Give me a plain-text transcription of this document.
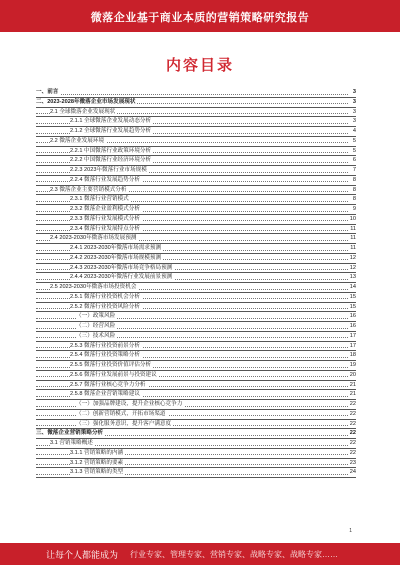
微落企业基于商业本质的营销策略研究报告
内容目录
一、前言	3
二、2023-2028年微落企业市场发展现状	3
2.1 全球微落企业发展现状	3
2.1.1 全球微落企业发展动态分析	3
2.1.2 全球微落行业发展趋势分析	4
2.2 微落企业发展环境	5
2.2.1 中国微落行业政策环境分析	5
2.2.2 中国微落行业经济环境分析	6
2.2.3 2023年微落行业市场规模	7
2.2.4 微落行业发展趋势分析	8
2.3 微落企业主要营销模式分析	8
2.3.1 微落行业营销模式	8
2.3.2 微落企业盈利模式分析	9
2.3.3 微落行业发展模式分析	10
2.3.4 微落行业发展特点分析	11
2.4 2023-2030年微落市场发展预测	11
2.4.1 2023-2030年微落市场需求预测	11
2.4.2 2023-2030年微落市场规模预测	12
2.4.3 2023-2030年微落市场竞争格局预测	12
2.4.4 2023-2030年微落行业发展前景预测	13
2.5 2023-2030年微落市场投资机会	14
2.5.1 微落行业投资机会分析	15
2.5.2 微落行业投资风险分析	15
（一）政策风险	16
（二）经营风险	16
（三）技术风险	17
2.5.3 微落行业投资前景分析	17
2.5.4 微落行业投资策略分析	18
2.5.5 微落行业投资价值评估分析	19
2.5.6 微落行业发展前景与投资建议	20
2.5.7 微落行业核心竞争力分析	21
2.5.8 微落企业营销策略建议	21
（一）加强品牌建设，提升企业核心竞争力	22
（二）创新营销模式，开拓市场渠道	22
（三）强化服务意识，提升客户满意度	22
三、微落企业营销策略分析	22
3.1 营销策略概述	22
3.1.1 营销策略的内涵	22
3.1.2 营销策略的要素	23
3.1.3 营销策略的类型	24
1
让每个人都能成为 行业专家、管理专家、营销专家、战略专家、战略专家……
